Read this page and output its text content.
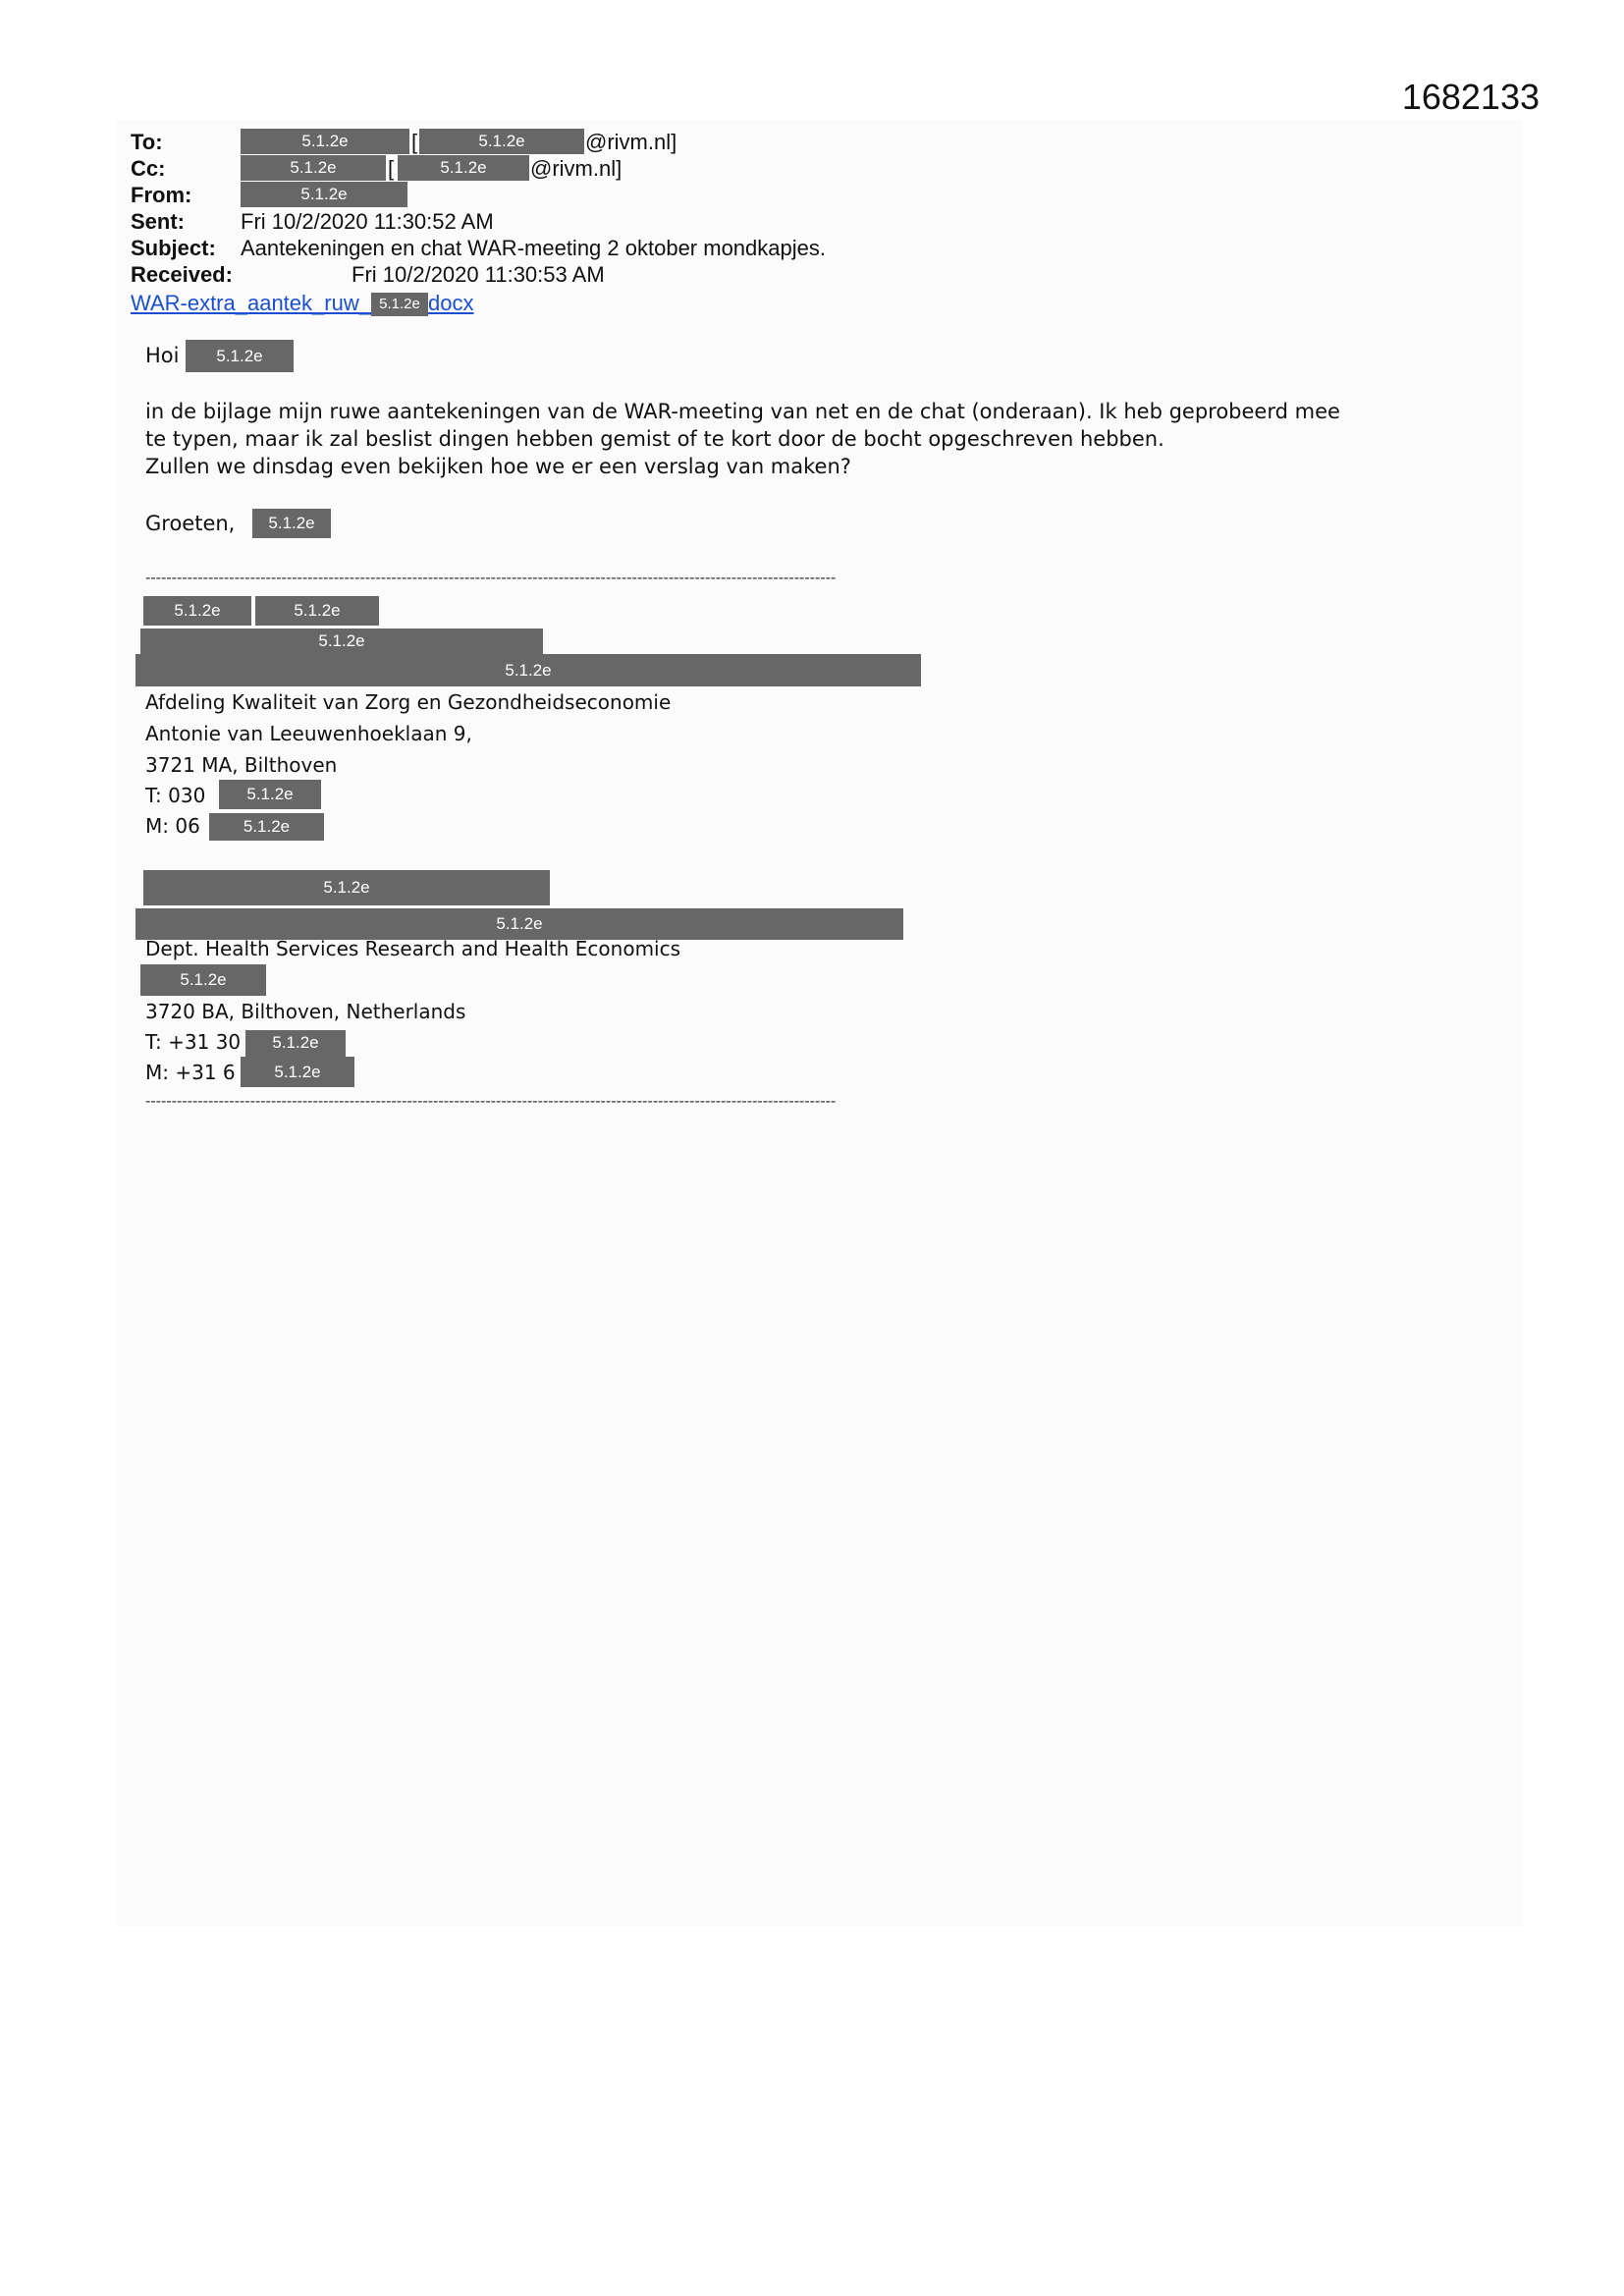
1682133
To:	5.1.2e	[	5.1.2e	@rivm.nl]
Cc:	5.1.2e	[	5.1.2e	@rivm.nl]
From:	5.1.2e
Sent:	Fri 10/2/2020 11:30:52 AM
Subject: Aantekeningen en chat WAR-meeting 2 oktober mondkapjes.
Received:	Fri 10/2/2020 11:30:53 AM
WAR-extra_aantek_ruw_ 5.1.2e docx
Hoi	5.1.2e
in de bijlage mijn ruwe aantekeningen van de WAR-meeting van net en de chat (onderaan). Ik heb geprobeerd mee
te typen, maar ik zal beslist dingen hebben gemist of te kort door de bocht opgeschreven hebben.
Zullen we dinsdag even bekijken hoe we er een verslag van maken?
Groeten,	5.1.2e
------------------------------------------------------------------------------------------------------------------------------------
5.1.2e	5.1.2e
5.1.2e
5.1.2e
Afdeling Kwaliteit van Zorg en Gezondheidseconomie
Antonie van Leeuwenhoeklaan 9,
3721 MA, Bilthoven
T: 030	5.1.2e
M: 06	5.1.2e
5.1.2e
5.1.2e
Dept. Health Services Research and Health Economics
5.1.2e
3720 BA, Bilthoven, Netherlands
T: +31 30	5.1.2e
M: +31 6	5.1.2e
------------------------------------------------------------------------------------------------------------------------------------
